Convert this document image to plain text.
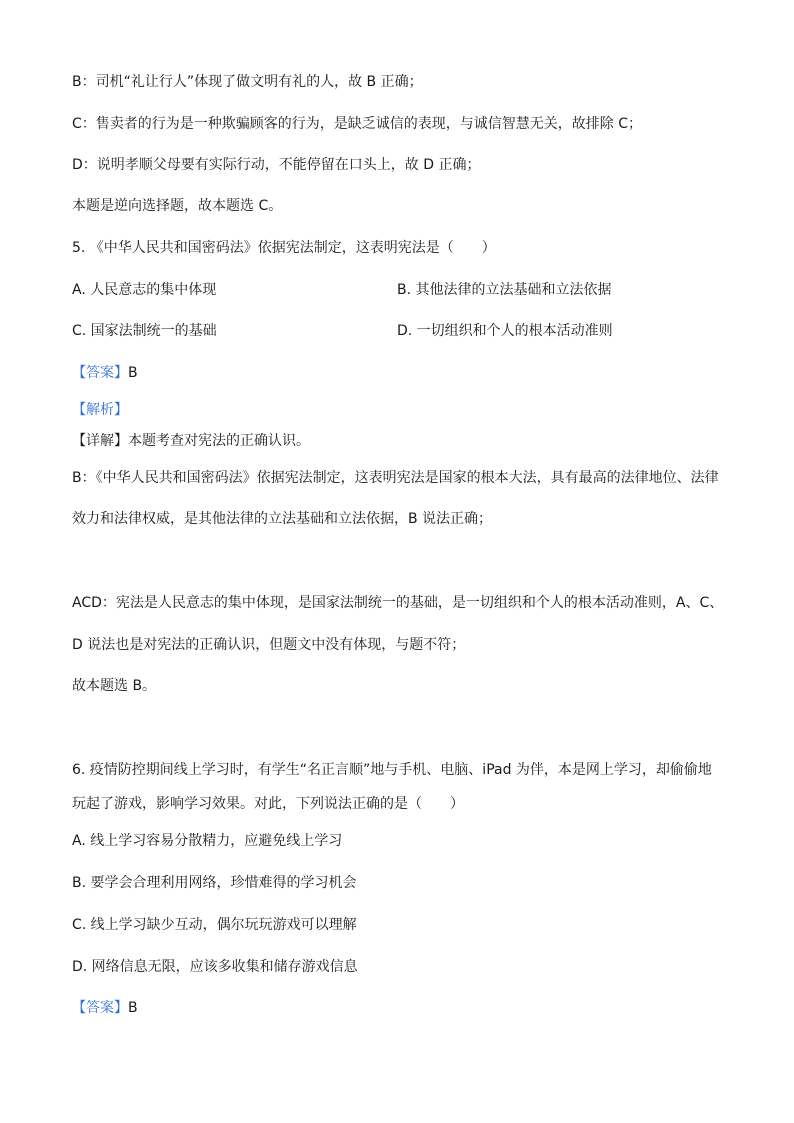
B：司机“礼让行人”体现了做文明有礼的人，故 B 正确；
C：售卖者的行为是一种欺骗顾客的行为，是缺乏诚信的表现，与诚信智慧无关，故排除 C；
D：说明孝顺父母要有实际行动，不能停留在口头上，故 D 正确；
本题是逆向选择题，故本题选 C。
5. 《中华人民共和国密码法》依据宪法制定，这表明宪法是（　　）
A. 人民意志的集中体现	B. 其他法律的立法基础和立法依据
C. 国家法制统一的基础	D. 一切组织和个人的根本活动准则
【答案】B
【解析】
【详解】本题考查对宪法的正确认识。
B：《中华人民共和国密码法》依据宪法制定，这表明宪法是国家的根本大法，具有最高的法律地位、法律
效力和法律权威，是其他法律的立法基础和立法依据，B 说法正确；
ACD：宪法是人民意志的集中体现，是国家法制统一的基础，是一切组织和个人的根本活动准则，A、C、
D 说法也是对宪法的正确认识，但题文中没有体现，与题不符；
故本题选 B。
6. 疫情防控期间线上学习时，有学生“名正言顺”地与手机、电脑、iPad 为伴，本是网上学习，却偷偷地
玩起了游戏，影响学习效果。对此，下列说法正确的是（　　）
A. 线上学习容易分散精力，应避免线上学习
B. 要学会合理利用网络，珍惜难得的学习机会
C. 线上学习缺少互动，偶尔玩玩游戏可以理解
D. 网络信息无限，应该多收集和储存游戏信息
【答案】B
